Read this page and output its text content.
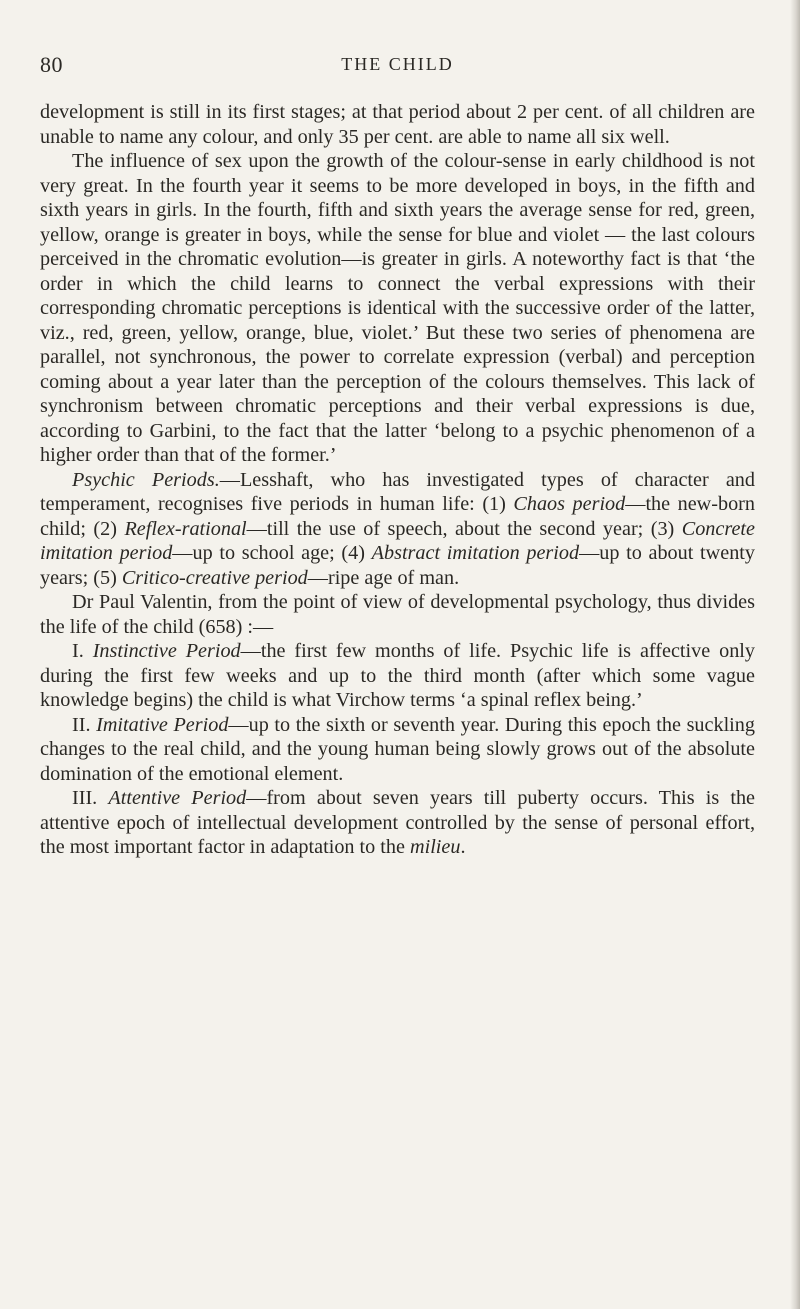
80	THE CHILD

development is still in its first stages; at that period about 2 per cent. of all children are unable to name any colour, and only 35 per cent. are able to name all six well.

The influence of sex upon the growth of the colour-sense in early childhood is not very great. In the fourth year it seems to be more developed in boys, in the fifth and sixth years in girls. In the fourth, fifth and sixth years the average sense for red, green, yellow, orange is greater in boys, while the sense for blue and violet — the last colours perceived in the chromatic evolution—is greater in girls. A noteworthy fact is that ‘the order in which the child learns to connect the verbal expressions with their corresponding chromatic perceptions is identical with the successive order of the latter, viz., red, green, yellow, orange, blue, violet.’ But these two series of phenomena are parallel, not synchronous, the power to correlate expression (verbal) and perception coming about a year later than the perception of the colours themselves. This lack of synchronism between chromatic perceptions and their verbal expressions is due, according to Garbini, to the fact that the latter ‘belong to a psychic phenomenon of a higher order than that of the former.’

Psychic Periods.—Lesshaft, who has investigated types of character and temperament, recognises five periods in human life: (1) Chaos period—the new-born child; (2) Reflex-rational—till the use of speech, about the second year; (3) Concrete imitation period—up to school age; (4) Abstract imitation period—up to about twenty years; (5) Critico-creative period—ripe age of man.

Dr Paul Valentin, from the point of view of developmental psychology, thus divides the life of the child (658) :—

I. Instinctive Period—the first few months of life. Psychic life is affective only during the first few weeks and up to the third month (after which some vague knowledge begins) the child is what Virchow terms ‘a spinal reflex being.’

II. Imitative Period—up to the sixth or seventh year. During this epoch the suckling changes to the real child, and the young human being slowly grows out of the absolute domination of the emotional element.

III. Attentive Period—from about seven years till puberty occurs. This is the attentive epoch of intellectual development controlled by the sense of personal effort, the most important factor in adaptation to the milieu.
